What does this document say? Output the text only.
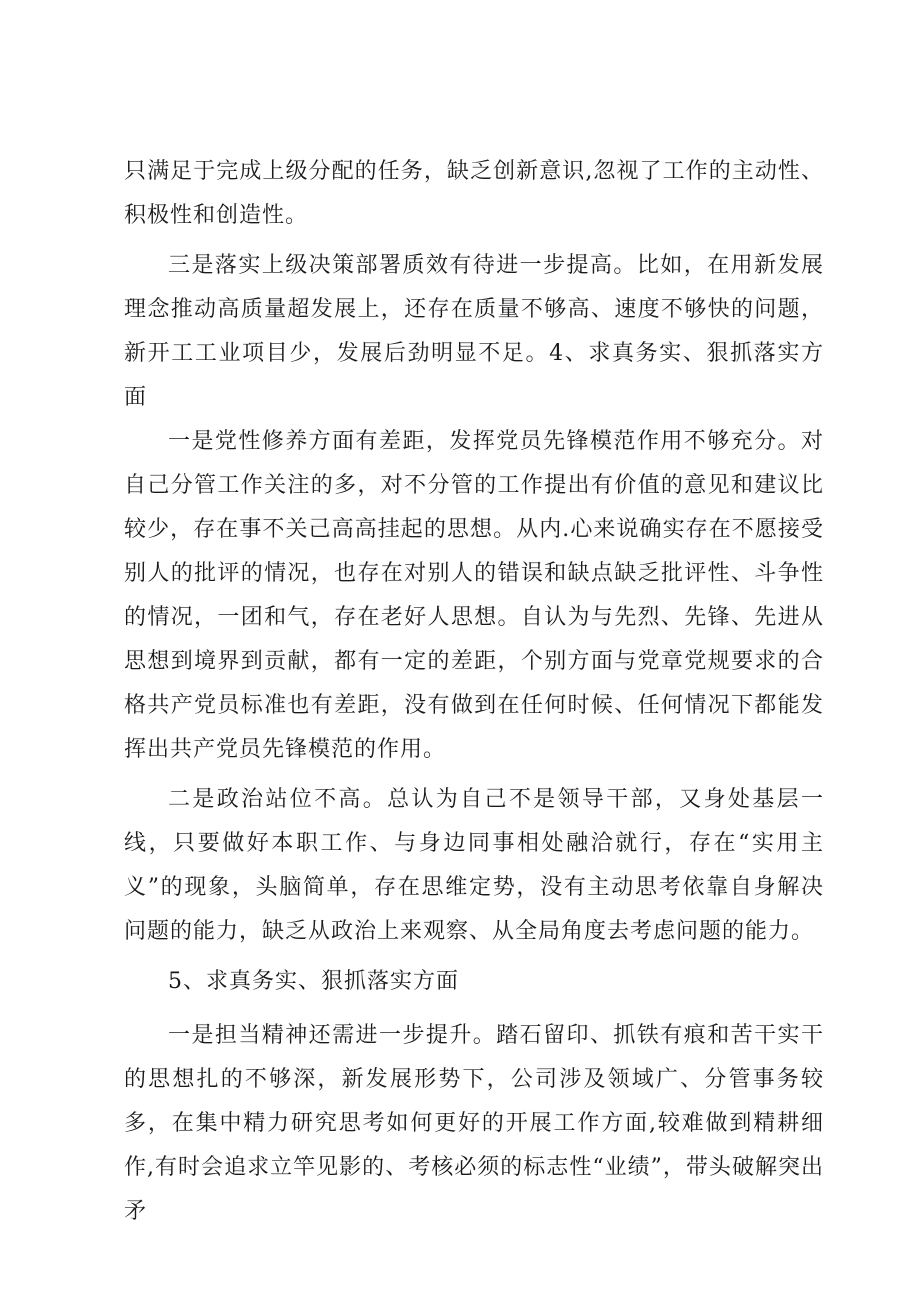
只满足于完成上级分配的任务，缺乏创新意识,忽视了工作的主动性、积极性和创造性。

三是落实上级决策部署质效有待进一步提高。比如，在用新发展理念推动高质量超发展上，还存在质量不够高、速度不够快的问题，新开工工业项目少，发展后劲明显不足。4、求真务实、狠抓落实方面

一是党性修养方面有差距，发挥党员先锋模范作用不够充分。对自己分管工作关注的多，对不分管的工作提出有价值的意见和建议比较少，存在事不关己高高挂起的思想。从内.心来说确实存在不愿接受别人的批评的情况，也存在对别人的错误和缺点缺乏批评性、斗争性的情况，一团和气，存在老好人思想。自认为与先烈、先锋、先进从思想到境界到贡献，都有一定的差距，个别方面与党章党规要求的合格共产党员标准也有差距，没有做到在任何时候、任何情况下都能发挥出共产党员先锋模范的作用。

二是政治站位不高。总认为自己不是领导干部，又身处基层一线，只要做好本职工作、与身边同事相处融洽就行，存在“实用主义”的现象，头脑简单，存在思维定势，没有主动思考依靠自身解决问题的能力，缺乏从政治上来观察、从全局角度去考虑问题的能力。

5、求真务实、狠抓落实方面

一是担当精神还需进一步提升。踏石留印、抓铁有痕和苦干实干的思想扎的不够深，新发展形势下，公司涉及领域广、分管事务较多，在集中精力研究思考如何更好的开展工作方面,较难做到精耕细作,有时会追求立竿见影的、考核必须的标志性“业绩”，带头破解突出矛
